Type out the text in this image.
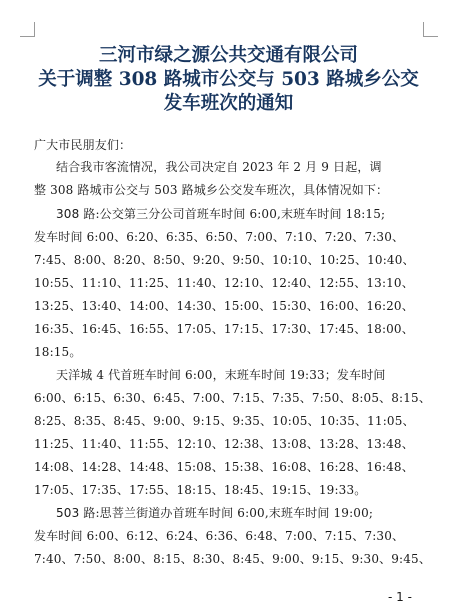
三河市绿之源公共交通有限公司
关于调整 308 路城市公交与 503 路城乡公交
发车班次的通知
广大市民朋友们：
结合我市客流情况，我公司决定自 2023 年 2 月 9 日起，调
整 308 路城市公交与 503 路城乡公交发车班次，具体情况如下：
308 路:公交第三分公司首班车时间 6:00,末班车时间 18:15;
发车时间 6:00、6:20、6:35、6:50、7:00、7:10、7:20、7:30、
7:45、8:00、8:20、8:50、9:20、9:50、10:10、10:25、10:40、
10:55、11:10、11:25、11:40、12:10、12:40、12:55、13:10、
13:25、13:40、14:00、14:30、15:00、15:30、16:00、16:20、
16:35、16:45、16:55、17:05、17:15、17:30、17:45、18:00、
18:15。
天洋城 4 代首班车时间 6:00，末班车时间 19:33；发车时间
6:00、6:15、6:30、6:45、7:00、7:15、7:35、7:50、8:05、8:15、
8:25、8:35、8:45、9:00、9:15、9:35、10:05、10:35、11:05、
11:25、11:40、11:55、12:10、12:38、13:08、13:28、13:48、
14:08、14:28、14:48、15:08、15:38、16:08、16:28、16:48、
17:05、17:35、17:55、18:15、18:45、19:15、19:33。
503 路:思菩兰街道办首班车时间 6:00,末班车时间 19:00;
发车时间 6:00、6:12、6:24、6:36、6:48、7:00、7:15、7:30、
7:40、7:50、8:00、8:15、8:30、8:45、9:00、9:15、9:30、9:45、
- 1 -
